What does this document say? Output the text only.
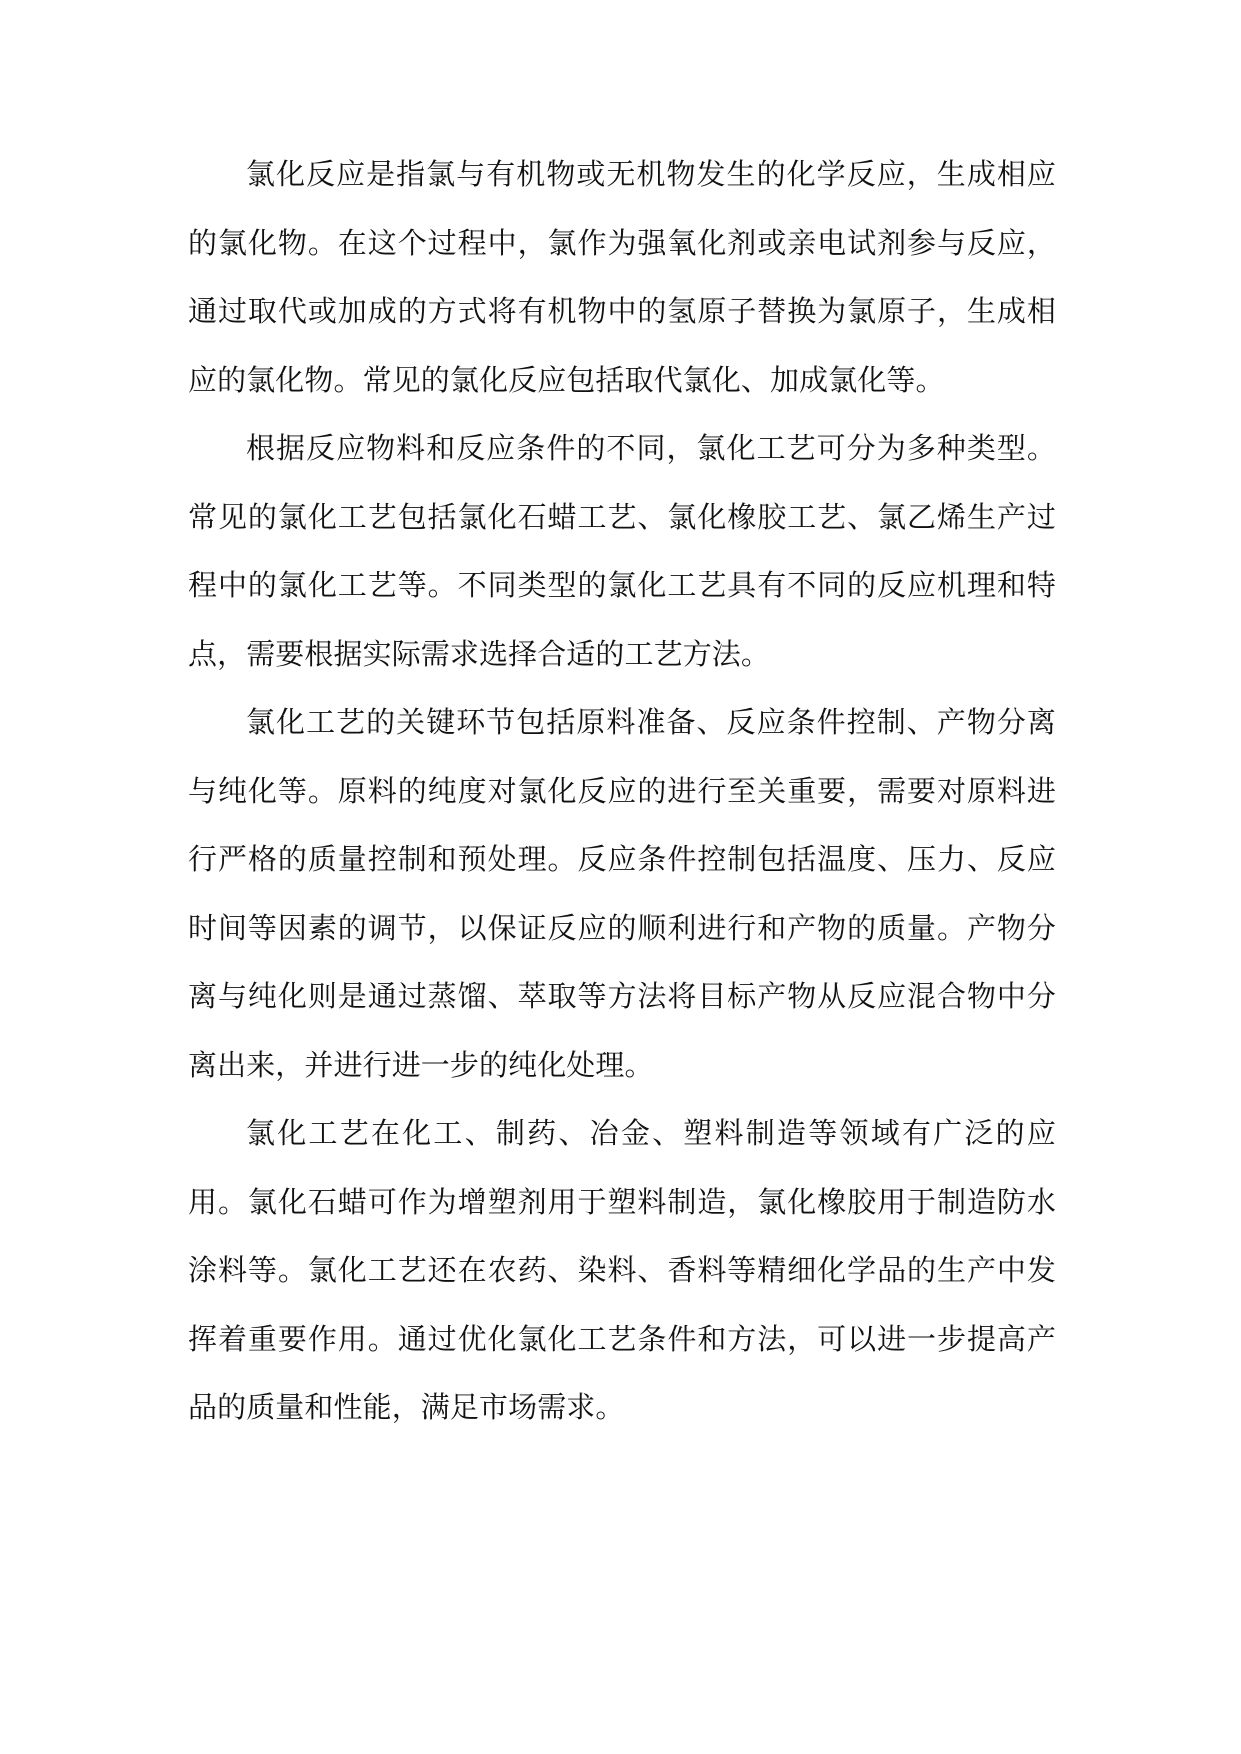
氯化反应是指氯与有机物或无机物发生的化学反应，生成相应的氯化物。在这个过程中，氯作为强氧化剂或亲电试剂参与反应，通过取代或加成的方式将有机物中的氢原子替换为氯原子，生成相应的氯化物。常见的氯化反应包括取代氯化、加成氯化等。

根据反应物料和反应条件的不同，氯化工艺可分为多种类型。常见的氯化工艺包括氯化石蜡工艺、氯化橡胶工艺、氯乙烯生产过程中的氯化工艺等。不同类型的氯化工艺具有不同的反应机理和特点，需要根据实际需求选择合适的工艺方法。

氯化工艺的关键环节包括原料准备、反应条件控制、产物分离与纯化等。原料的纯度对氯化反应的进行至关重要，需要对原料进行严格的质量控制和预处理。反应条件控制包括温度、压力、反应时间等因素的调节，以保证反应的顺利进行和产物的质量。产物分离与纯化则是通过蒸馏、萃取等方法将目标产物从反应混合物中分离出来，并进行进一步的纯化处理。

氯化工艺在化工、制药、冶金、塑料制造等领域有广泛的应用。氯化石蜡可作为增塑剂用于塑料制造，氯化橡胶用于制造防水涂料等。氯化工艺还在农药、染料、香料等精细化学品的生产中发挥着重要作用。通过优化氯化工艺条件和方法，可以进一步提高产品的质量和性能，满足市场需求。
